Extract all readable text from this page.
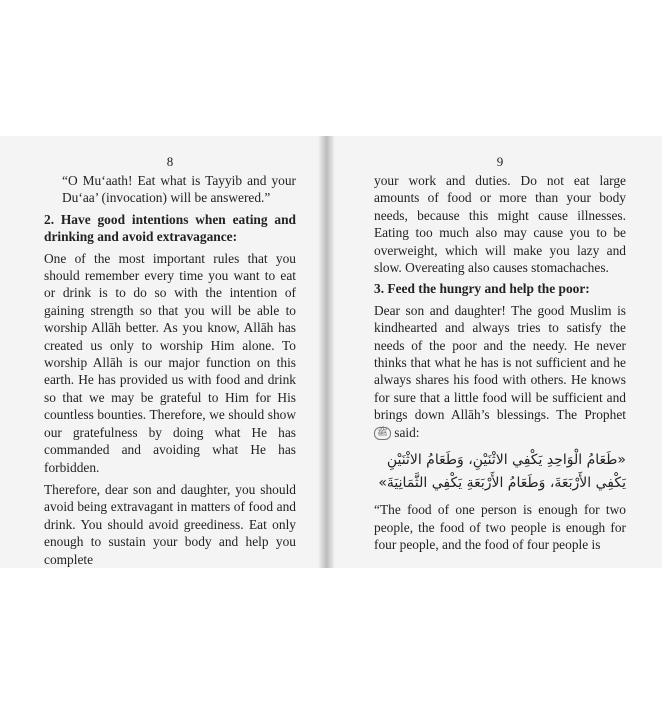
8

“O Mu‘aath! Eat what is Tayyib and your Du‘aa’ (invocation) will be answered.”

2. Have good intentions when eating and drinking and avoid extravagance:

One of the most important rules that you should remember every time you want to eat or drink is to do so with the intention of gaining strength so that you will be able to worship Allāh better. As you know, Allāh has created us only to worship Him alone. To worship Allāh is our major function on this earth. He has provided us with food and drink so that we may be grateful to Him for His countless bounties. Therefore, we should show our gratefulness by doing what He has commanded and avoiding what He has forbidden.

Therefore, dear son and daughter, you should avoid being extravagant in matters of food and drink. You should avoid greediness. Eat only enough to sustain your body and help you complete

9

your work and duties. Do not eat large amounts of food or more than your body needs, because this might cause illnesses. Eating too much also may cause you to be overweight, which will make you lazy and slow. Overeating also causes stomachaches.

3. Feed the hungry and help the poor:

Dear son and daughter! The good Muslim is kindhearted and always tries to satisfy the needs of the poor and the needy. He never thinks that what he has is not sufficient and he always shares his food with others. He knows for sure that a little food will be sufficient and brings down Allāh’s blessings. The Prophet ﷺ said:

«طَعَامُ الْوَاحِدِ يَكْفِي الاثْنَيْنِ، وَطَعَامُ الاثْنَيْنِ
يَكْفِي الأَرْبَعَةَ، وَطَعَامُ الأَرْبَعَةِ يَكْفِي الثَّمَانِيَةَ»

“The food of one person is enough for two people, the food of two people is enough for four people, and the food of four people is
